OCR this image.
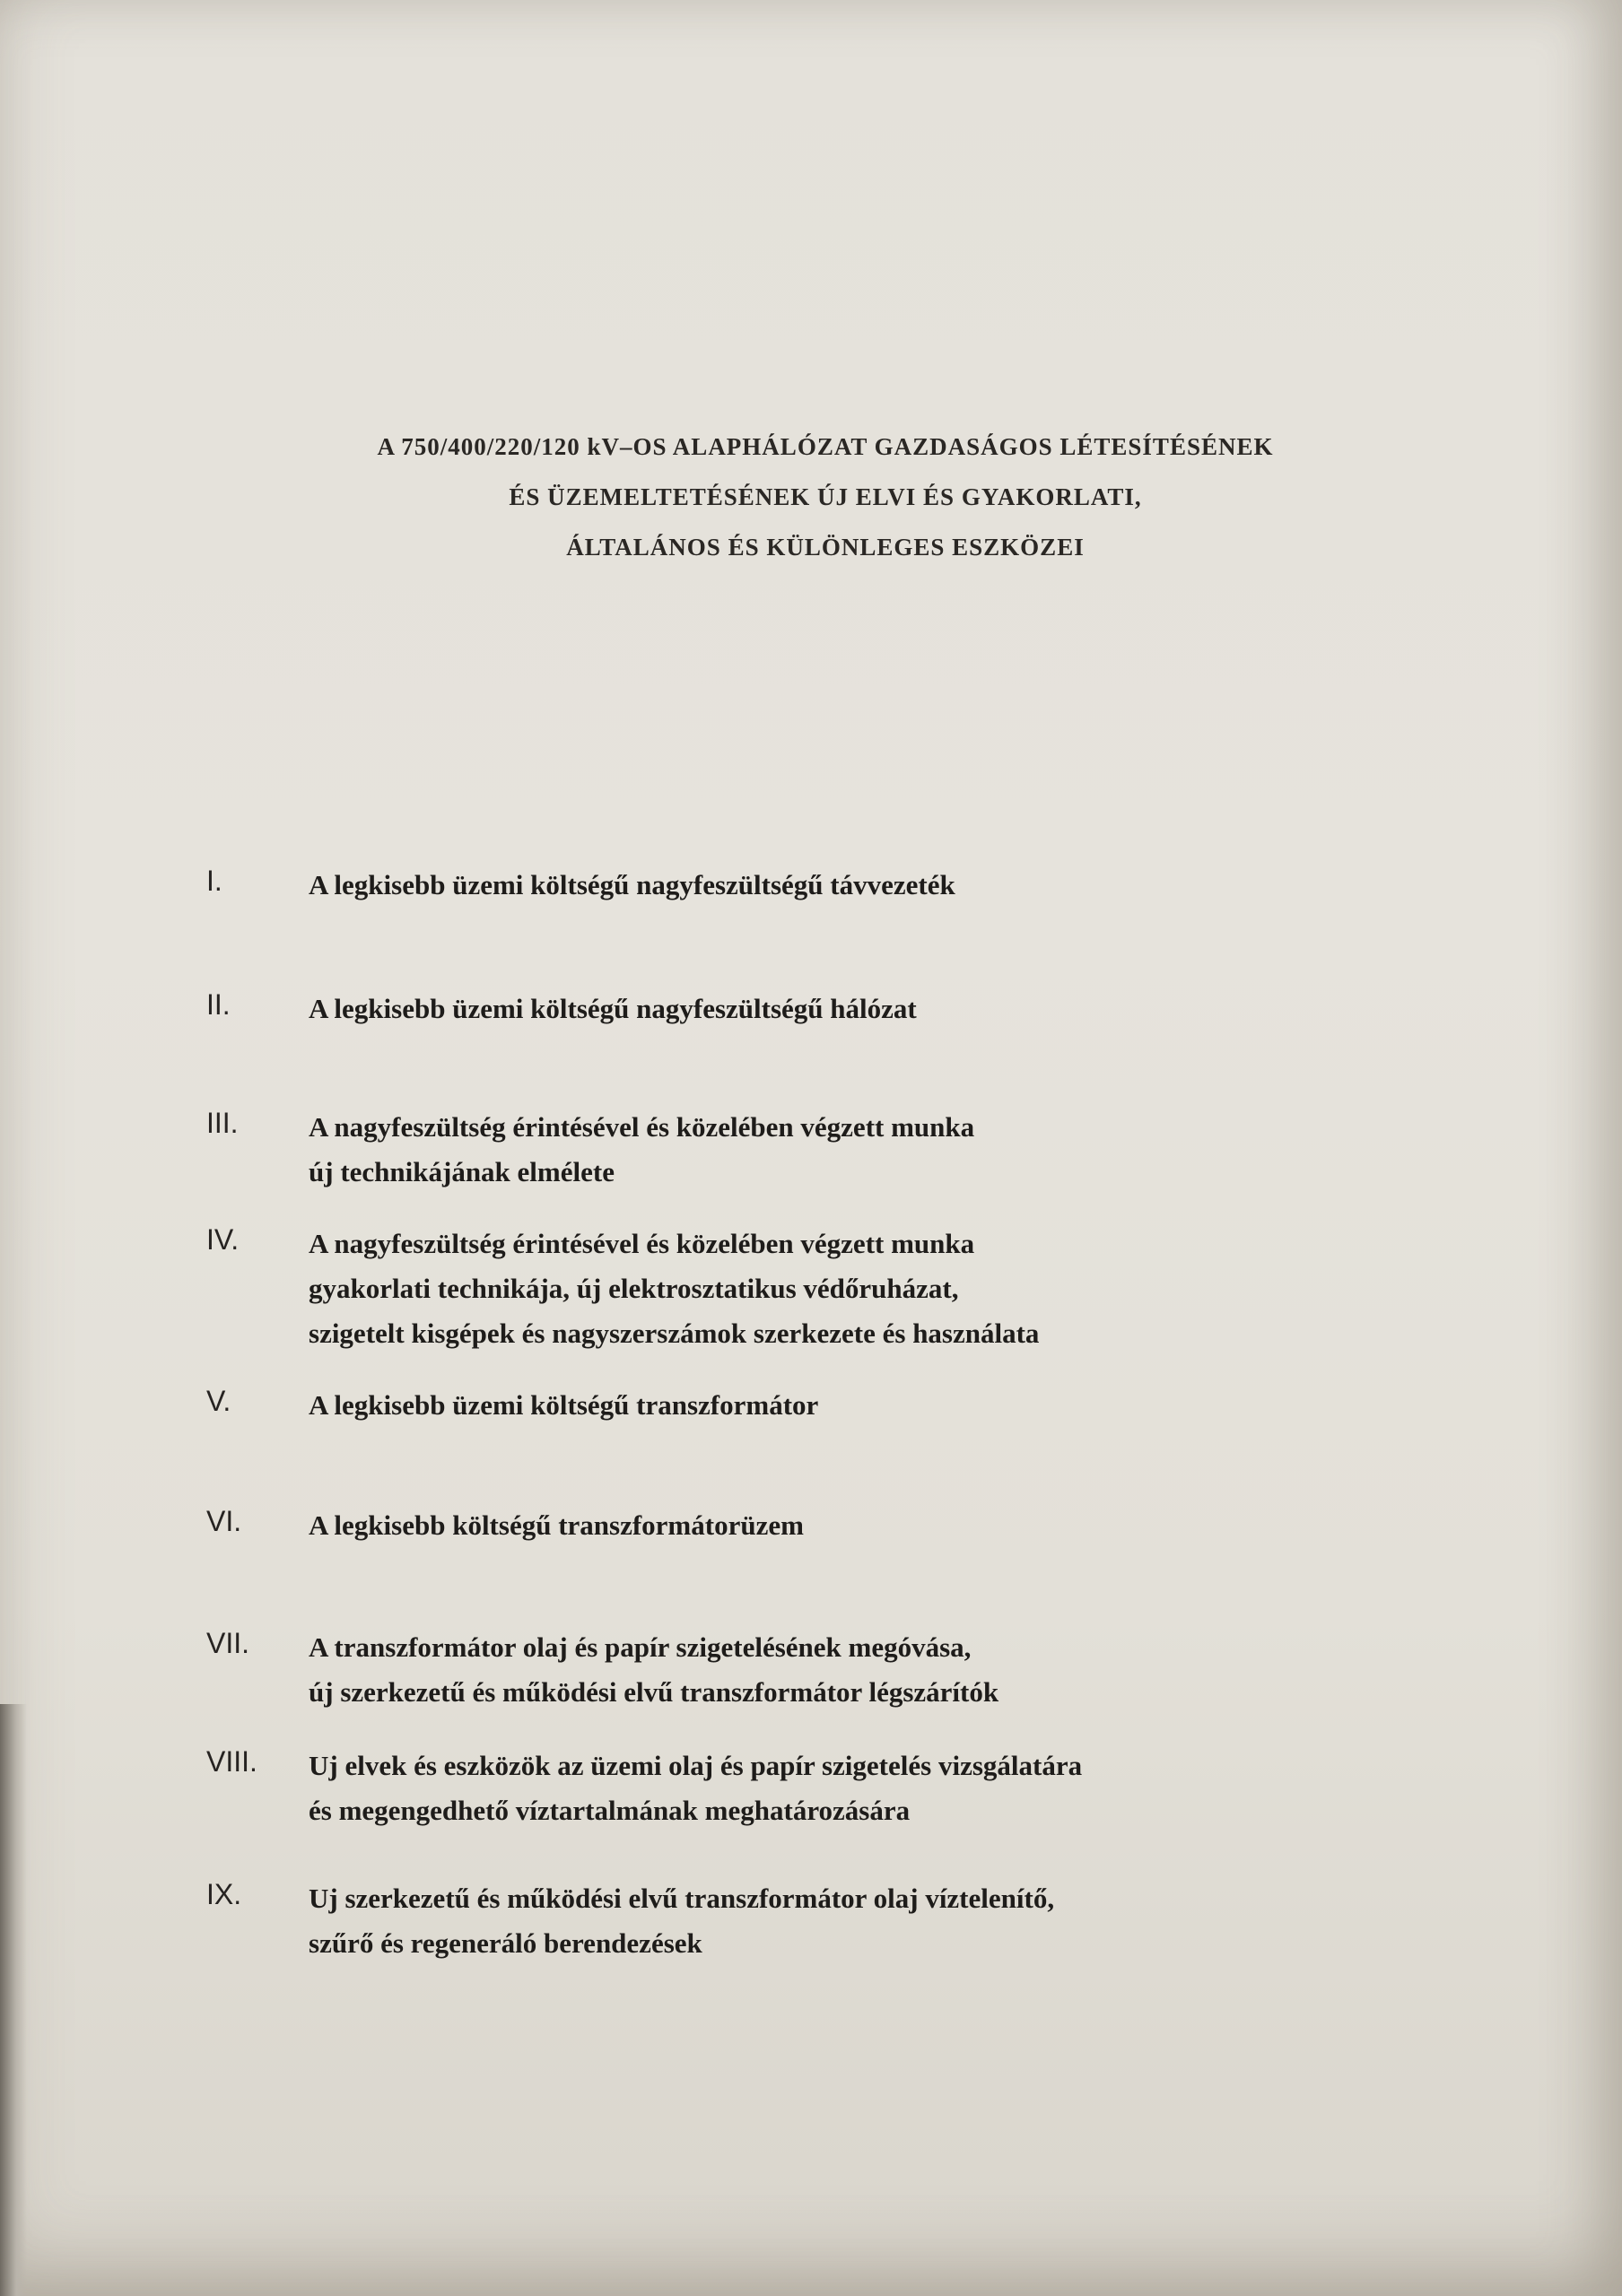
A 750/400/220/120 kV–OS ALAPHÁLÓZAT GAZDASÁGOS LÉTESÍTÉSÉNEK
ÉS ÜZEMELTETÉSÉNEK ÚJ ELVI ÉS GYAKORLATI,
ÁLTALÁNOS ÉS KÜLÖNLEGES ESZKÖZEI
I.	A legkisebb üzemi költségű nagyfeszültségű távvezeték
II.	A legkisebb üzemi költségű nagyfeszültségű hálózat
III.	A nagyfeszültség érintésével és közelében végzett munka
új technikájának elmélete
IV.	A nagyfeszültség érintésével és közelében végzett munka
gyakorlati technikája, új elektrosztatikus védőruházat,
szigetelt kisgépek és nagyszerszámok szerkezete és használata
V.	A legkisebb üzemi költségű transzformátor
VI. A legkisebb költségű transzformátorüzem
VII. A transzformátor olaj és papír szigetelésének megóvása,
új szerkezetű és működési elvű transzformátor légszárítók
VIII. Uj elvek és eszközök az üzemi olaj és papír szigetelés vizsgálatára
és megengedhető víztartalmának meghatározására
IX. Uj szerkezetű és működési elvű transzformátor olaj víztelenítő,
szűrő és regeneráló berendezések
